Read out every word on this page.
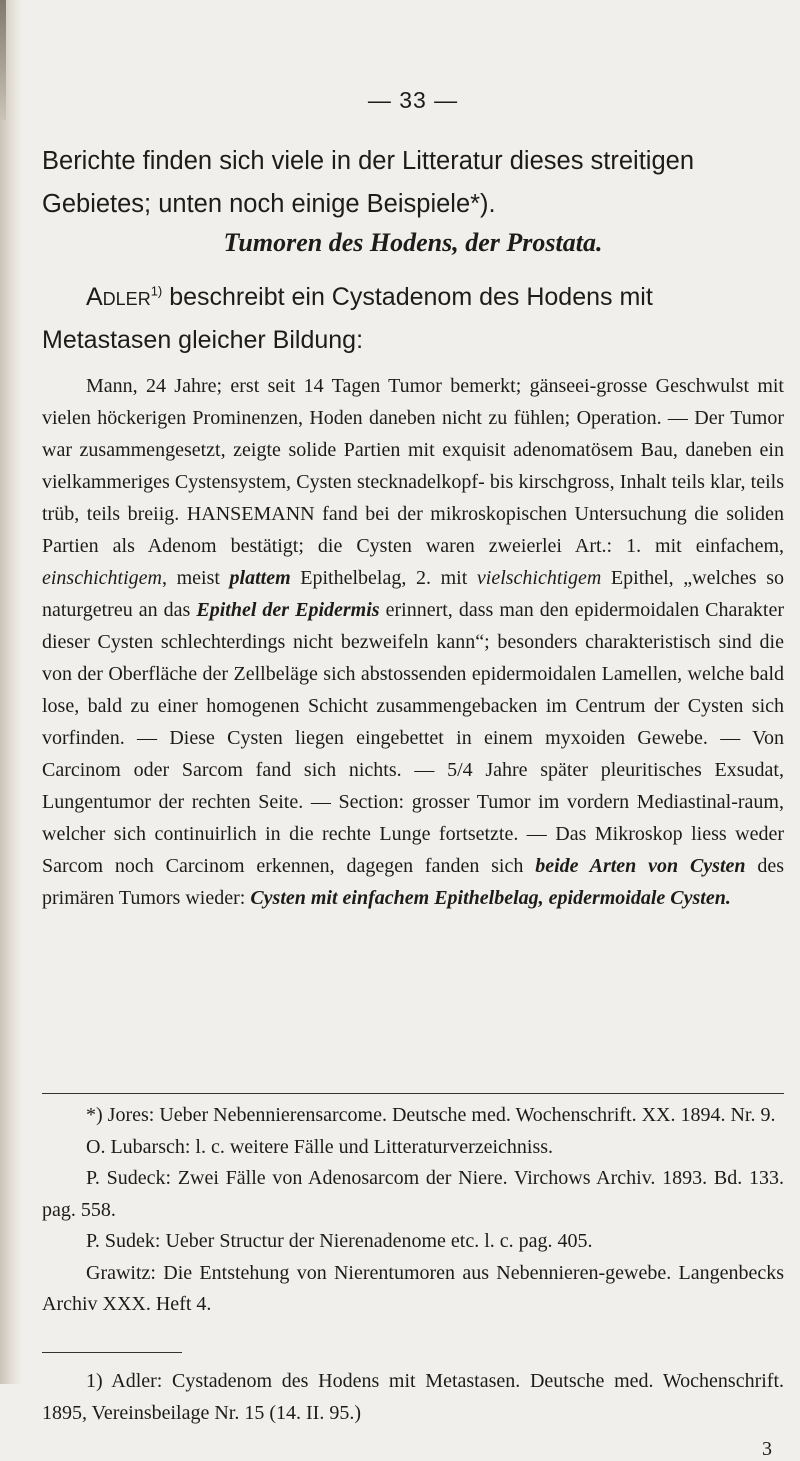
— 33 —

Berichte finden sich viele in der Litteratur dieses streitigen Gebietes; unten noch einige Beispiele*).

Tumoren des Hodens, der Prostata.

Adler$^{1)}$ beschreibt ein Cystadenom des Hodens mit Metastasen gleicher Bildung:

Mann, 24 Jahre; erst seit 14 Tagen Tumor bemerkt; gänseei-grosse Geschwulst mit vielen höckerigen Prominenzen, Hoden daneben nicht zu fühlen; Operation. — Der Tumor war zusammengesetzt, zeigte solide Partien mit exquisit adenomatösem Bau, daneben ein vielkammeriges Cystensystem, Cysten stecknadelkopf- bis kirschgross, Inhalt teils klar, teils trüb, teils breiig. HANSEMANN fand bei der mikroskopischen Untersuchung die soliden Partien als Adenom bestätigt; die Cysten waren zweierlei Art.: 1. mit einfachem, einschichtigem, meist plattem Epithelbelag, 2. mit vielschichtigem Epithel, „welches so naturgetreu an das Epithel der Epidermis erinnert, dass man den epidermoidalen Charakter dieser Cysten schlechterdings nicht bezweifeln kann“; besonders charakteristisch sind die von der Oberfläche der Zellbeläge sich abstossenden epidermoidalen Lamellen, welche bald lose, bald zu einer homogenen Schicht zusammengebacken im Centrum der Cysten sich vorfinden. — Diese Cysten liegen eingebettet in einem myxoiden Gewebe. — Von Carcinom oder Sarcom fand sich nichts. — 5/4 Jahre später pleuritisches Exsudat, Lungentumor der rechten Seite. — Section: grosser Tumor im vordern Mediastinal-raum, welcher sich continuirlich in die rechte Lunge fortsetzte. — Das Mikroskop liess weder Sarcom noch Carcinom erkennen, dagegen fanden sich beide Arten von Cysten des primären Tumors wieder: Cysten mit einfachem Epithelbelag, epidermoidale Cysten.

*) Jores: Ueber Nebennierensarcome. Deutsche med. Wochenschrift. XX. 1894. Nr. 9.

O. Lubarsch: l. c. weitere Fälle und Litteraturverzeichniss.

P. Sudeck: Zwei Fälle von Adenosarcom der Niere. Virchows Archiv. 1893. Bd. 133. pag. 558.

P. Sudek: Ueber Structur der Nierenadenome etc. l. c. pag. 405.

Grawitz: Die Entstehung von Nierentumoren aus Nebennieren-gewebe. Langenbecks Archiv XXX. Heft 4.

1) Adler: Cystadenom des Hodens mit Metastasen. Deutsche med. Wochenschrift. 1895, Vereinsbeilage Nr. 15 (14. II. 95.)

3
